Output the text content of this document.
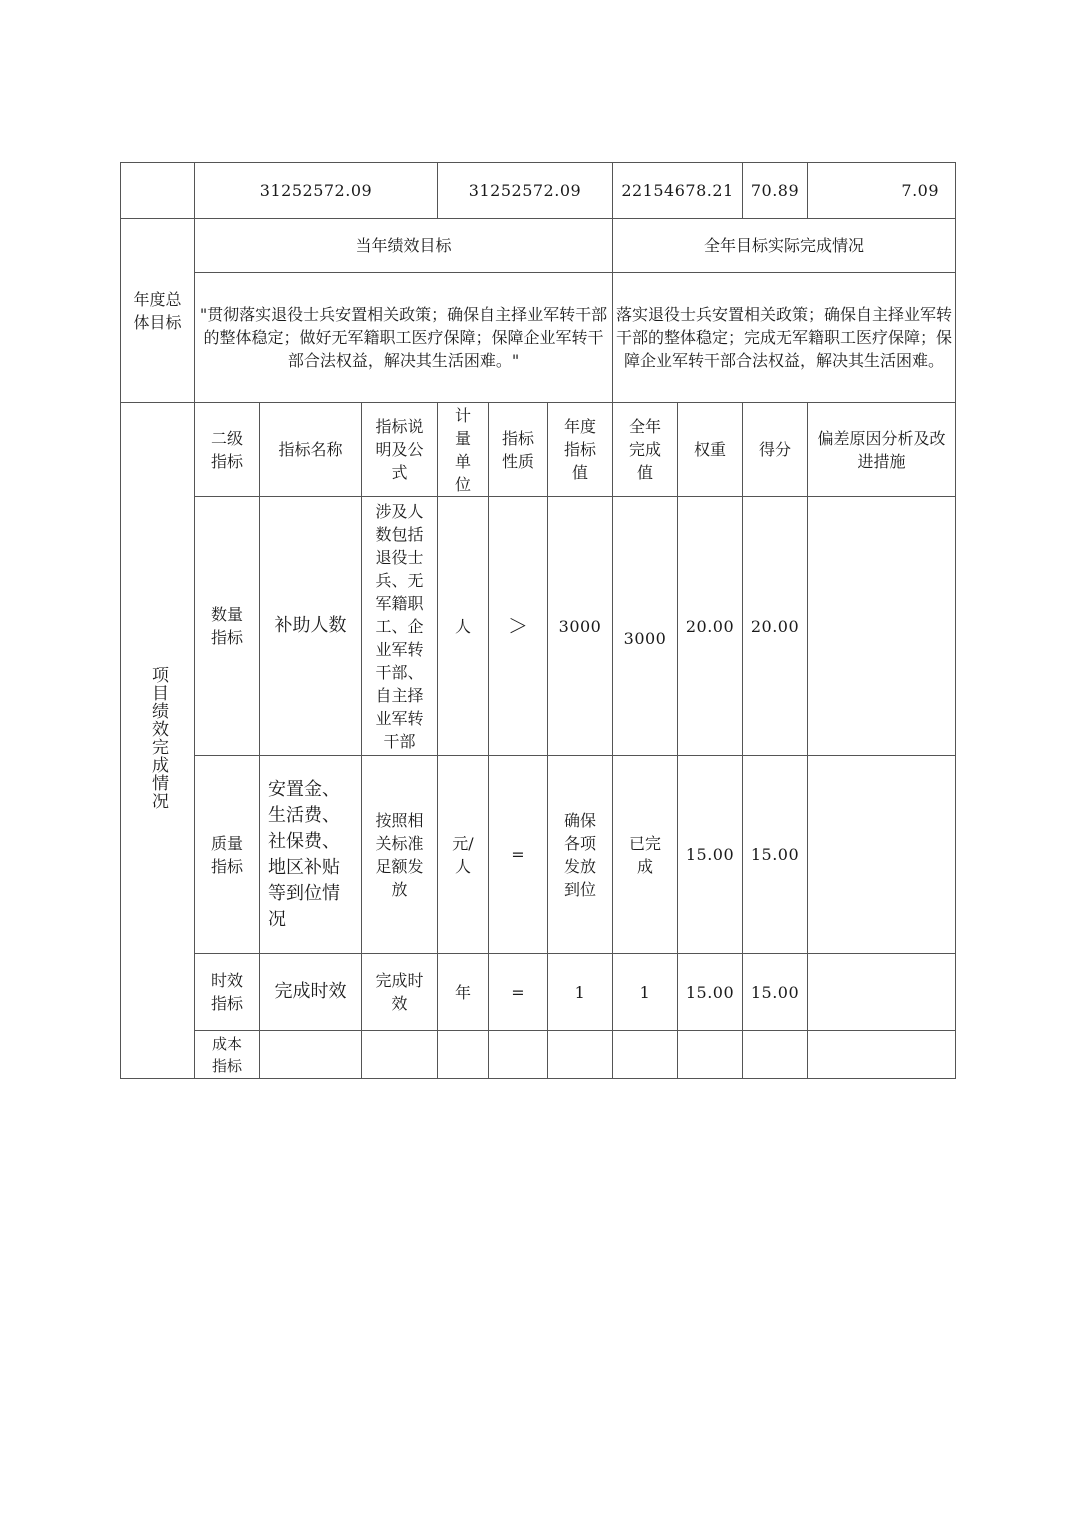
	31252572.09			31252572.09			22154678.21		70.89	7.09
年度总体目标	当年绩效目标						全年目标实际完成情况			
	"贯彻落实退役士兵安置相关政策；确保自主择业军转干部的整体稳定；做好无军籍职工医疗保障；保障企业军转干部合法权益，解决其生活困难。"						落实退役士兵安置相关政策；确保自主择业军转干部的整体稳定；完成无军籍职工医疗保障；保障企业军转干部合法权益，解决其生活困难。			
项目绩效完成情况	二级指标	指标名称	指标说明及公式	计量单位	指标性质	年度指标值	全年完成值	权重	得分	偏差原因分析及改进措施
	数量指标	补助人数	涉及人数包括退役士兵、无军籍职工、企业军转干部、自主择业军转干部	人	＞	3000	3000	20.00	20.00	
	质量指标	安置金、生活费、社保费、地区补贴等到位情况	按照相关标准足额发放	元/人	=	确保各项发放到位	已完成	15.00	15.00	
	时效指标	完成时效	完成时效	年	=	1	1	15.00	15.00	
	成本指标									
